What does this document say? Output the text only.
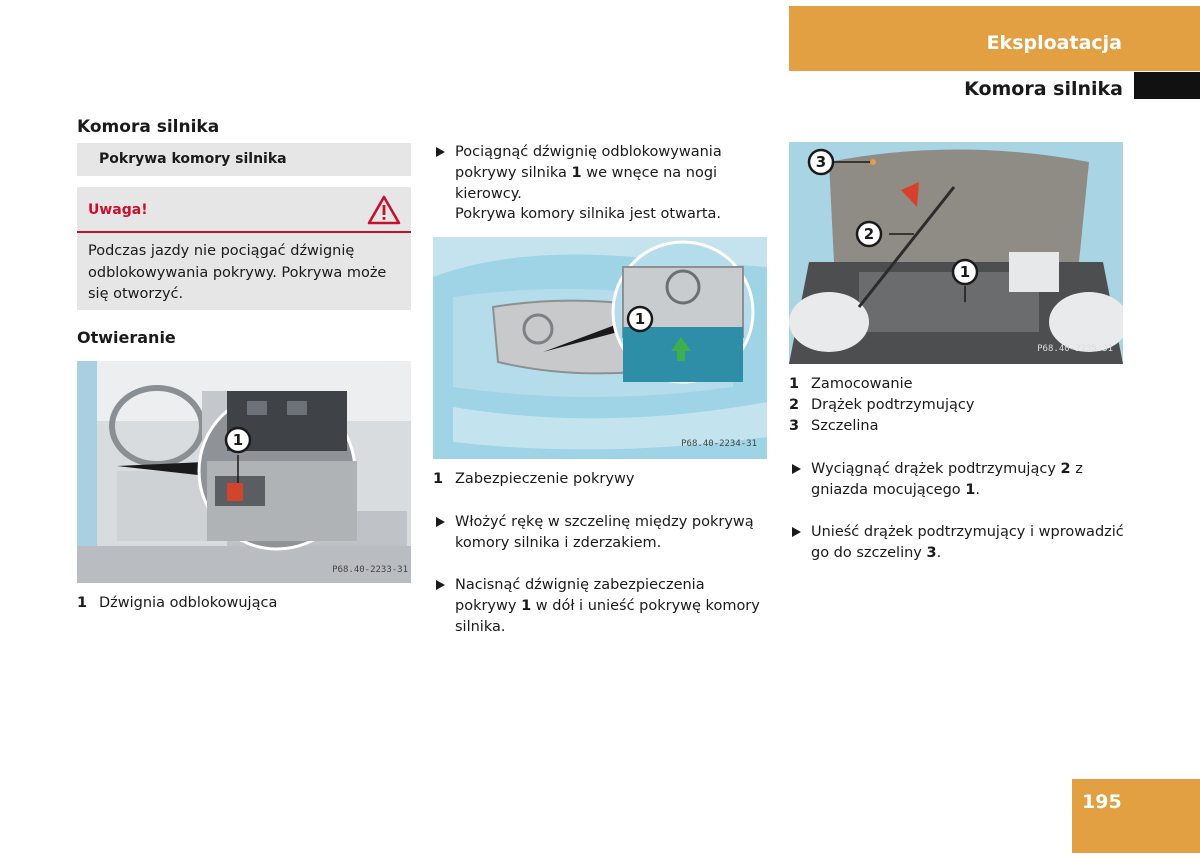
Eksploatacja
Komora silnika
Komora silnika
Pokrywa komory silnika
Uwaga!
Podczas jazdy nie pociągać dźwignię odblokowywania pokrywy. Pokrywa może się otworzyć.
Otwieranie
1
P68.40-2233-31
1 Dźwignia odblokowująca
Pociągnąć dźwignię odblokowywania pokrywy silnika 1 we wnęce na nogi kierowcy.
Pokrywa komory silnika jest otwarta.
1
P68.40-2234-31
1 Zabezpieczenie pokrywy
Włożyć rękę w szczelinę między pokrywą komory silnika i zderzakiem.
Nacisnąć dźwignię zabezpieczenia pokrywy 1 w dół i unieść pokrywę komory silnika.
3
2
1
P68.40-2235-31
1 Zamocowanie
2 Drążek podtrzymujący
3 Szczelina
Wyciągnąć drążek podtrzymujący 2 z gniazda mocującego 1.
Unieść drążek podtrzymujący i wprowadzić go do szczeliny 3.
195
